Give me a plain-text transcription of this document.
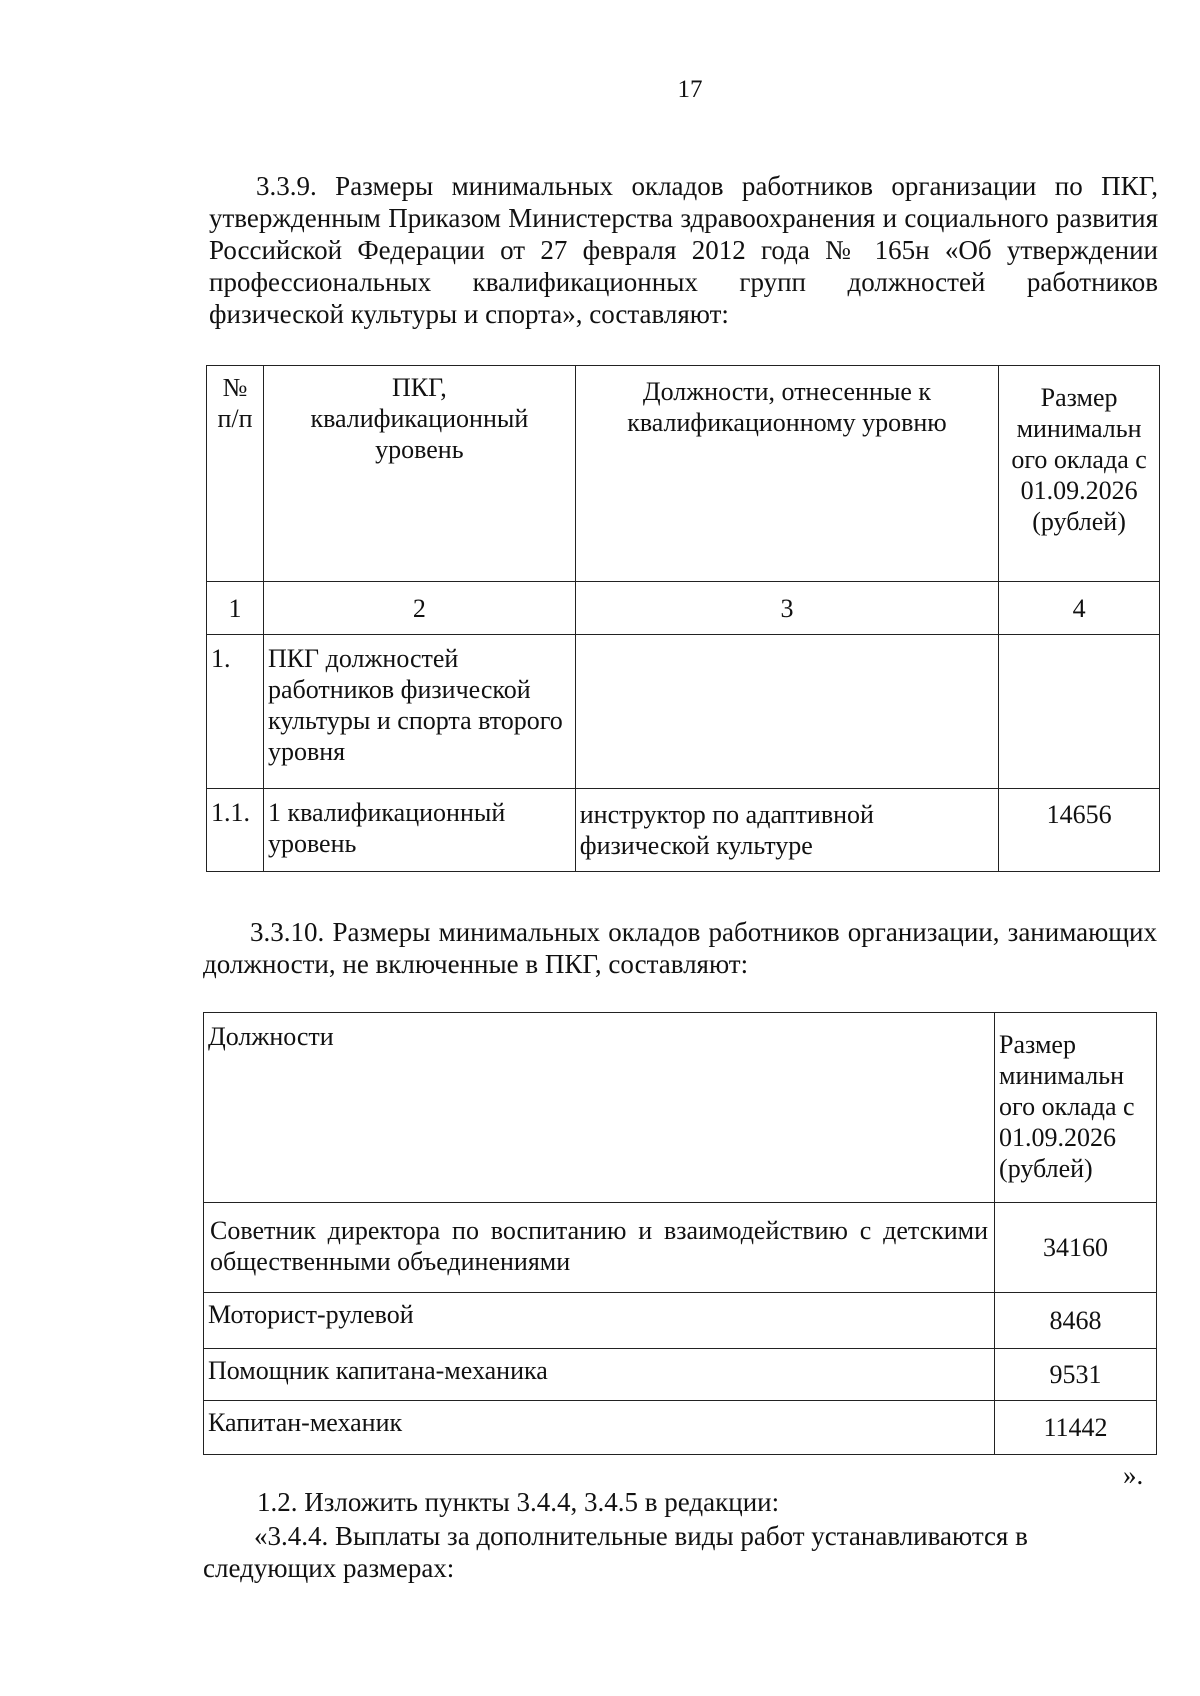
17
3.3.9. Размеры минимальных окладов работников организации по ПКГ, утвержденным Приказом Министерства здравоохранения и социального развития Российской Федерации от 27 февраля 2012 года № 165н «Об утверждении профессиональных квалификационных групп должностей работников физической культуры и спорта», составляют:
№ п/п	ПКГ, квалификационный уровень	Должности, отнесенные к квалификационному уровню	Размер минимальн ого оклада с 01.09.2026 (рублей)
1	2	3	4
1.	ПКГ должностей работников физической культуры и спорта второго уровня		
1.1.	1 квалификационный уровень	инструктор по адаптивной физической культуре	14656
3.3.10. Размеры минимальных окладов работников организации, занимающих должности, не включенные в ПКГ, составляют:
Должности	Размер минимальн ого оклада с 01.09.2026 (рублей)
Советник директора по воспитанию и взаимодействию с детскими общественными объединениями	34160
Моторист-рулевой	8468
Помощник капитана-механика	9531
Капитан-механик	11442
».
1.2. Изложить пункты 3.4.4, 3.4.5 в редакции:
«3.4.4. Выплаты за дополнительные виды работ устанавливаются в следующих размерах:
